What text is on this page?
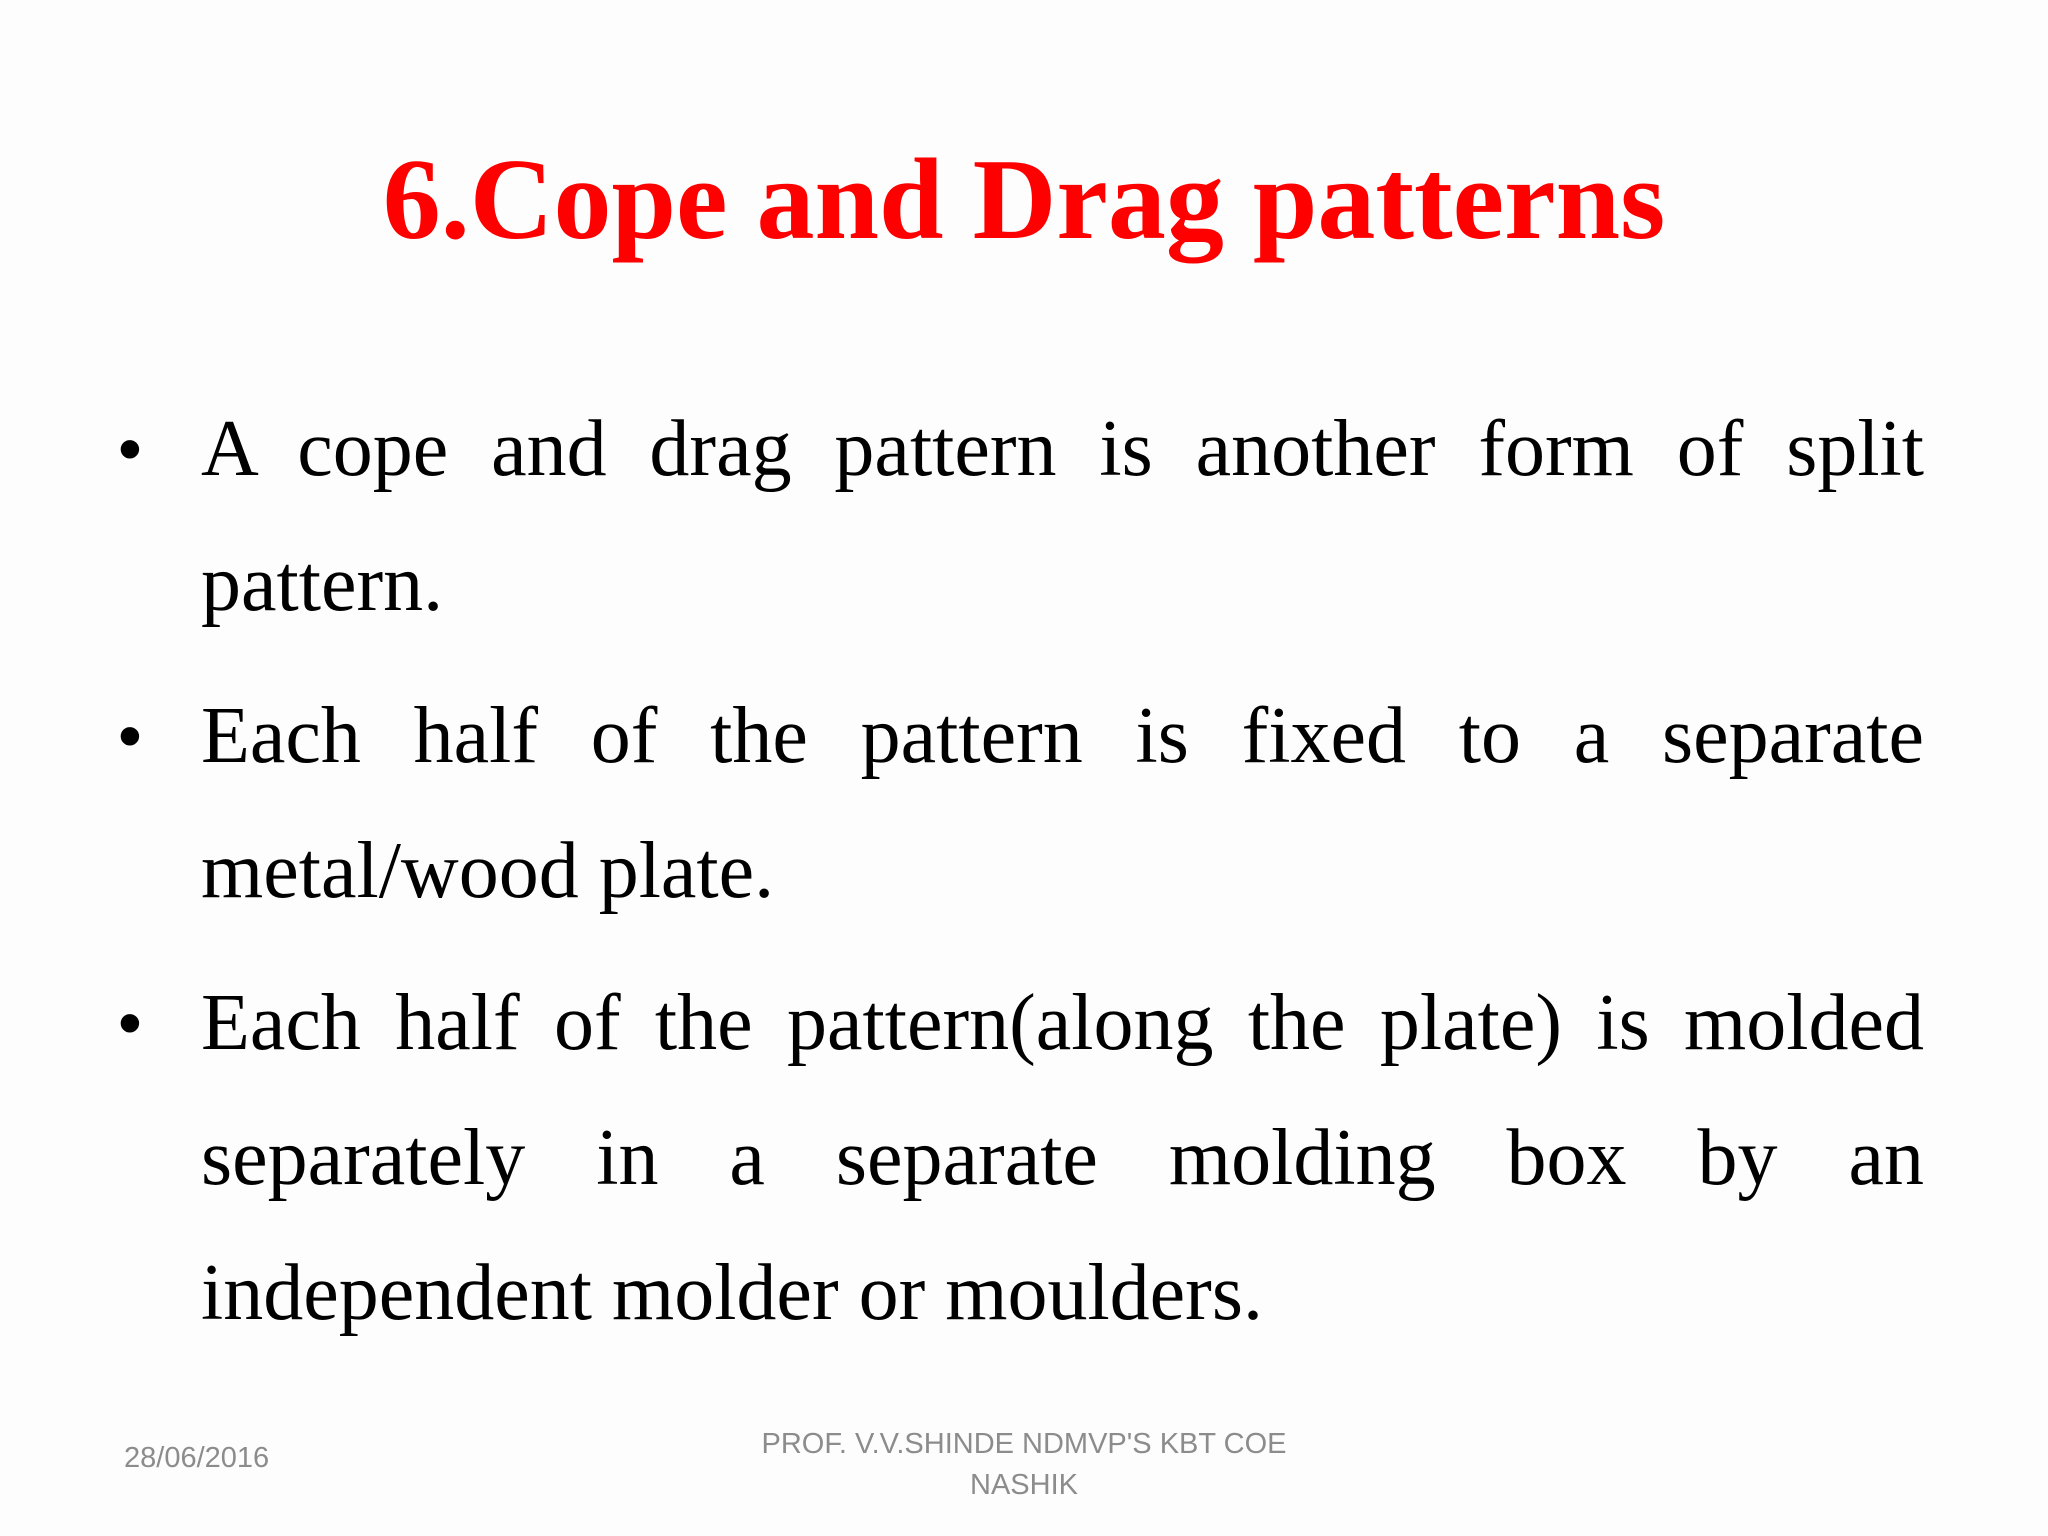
6.Cope and Drag patterns
• A cope and drag pattern is another form of split pattern.
• Each half of the pattern is fixed to a separate metal/wood plate.
• Each half of the pattern(along the plate) is molded separately in a separate molding box by an independent molder or moulders.
28/06/2016	PROF. V.V.SHINDE NDMVP'S KBT COE
NASHIK
